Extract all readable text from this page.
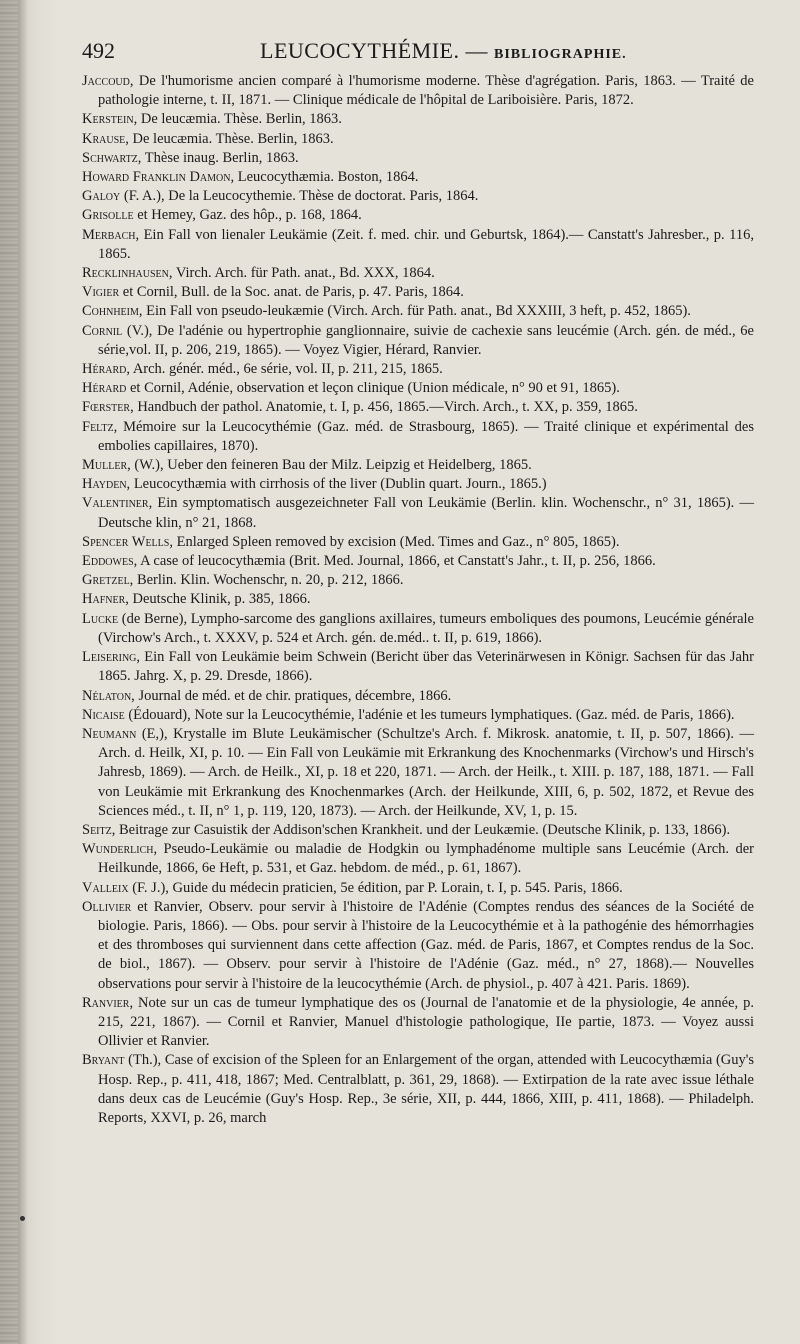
492	LEUCOCYTHÉMIE. — BIBLIOGRAPHIE.

Jaccoud, De l'humorisme ancien comparé à l'humorisme moderne. Thèse d'agrégation. Paris, 1863. — Traité de pathologie interne, t. II, 1871. — Clinique médicale de l'hôpital de Lariboisière. Paris, 1872.

Kerstein, De leucæmia. Thèse. Berlin, 1863.

Krause, De leucæmia. Thèse. Berlin, 1863.

Schwartz, Thèse inaug. Berlin, 1863.

Howard Franklin Damon, Leucocythæmia. Boston, 1864.

Galoy (F. A.), De la Leucocythemie. Thèse de doctorat. Paris, 1864.

Grisolle et Hemey, Gaz. des hôp., p. 168, 1864.

Merbach, Ein Fall von lienaler Leukämie (Zeit. f. med. chir. und Geburtsk, 1864).— Canstatt's Jahresber., p. 116, 1865.

Recklinhausen, Virch. Arch. für Path. anat., Bd. XXX, 1864.

Vigier et Cornil, Bull. de la Soc. anat. de Paris, p. 47. Paris, 1864.

Cohnheim, Ein Fall von pseudo-leukæmie (Virch. Arch. für Path. anat., Bd XXXIII, 3 heft, p. 452, 1865).

Cornil (V.), De l'adénie ou hypertrophie ganglionnaire, suivie de cachexie sans leucémie (Arch. gén. de méd., 6e série,vol. II, p. 206, 219, 1865). — Voyez Vigier, Hérard, Ranvier.

Hérard, Arch. génér. méd., 6e série, vol. II, p. 211, 215, 1865.

Hérard et Cornil, Adénie, observation et leçon clinique (Union médicale, n° 90 et 91, 1865).

Fœrster, Handbuch der pathol. Anatomie, t. I, p. 456, 1865.—Virch. Arch., t. XX, p. 359, 1865.

Feltz, Mémoire sur la Leucocythémie (Gaz. méd. de Strasbourg, 1865). — Traité clinique et expérimental des embolies capillaires, 1870).

Muller, (W.), Ueber den feineren Bau der Milz. Leipzig et Heidelberg, 1865.

Hayden, Leucocythæmia with cirrhosis of the liver (Dublin quart. Journ., 1865.)

Valentiner, Ein symptomatisch ausgezeichneter Fall von Leukämie (Berlin. klin. Wochenschr., n° 31, 1865). — Deutsche klin, n° 21, 1868.

Spencer Wells, Enlarged Spleen removed by excision (Med. Times and Gaz., n° 805, 1865).

Eddowes, A case of leucocythæmia (Brit. Med. Journal, 1866, et Canstatt's Jahr., t. II, p. 256, 1866.

Gretzel, Berlin. Klin. Wochenschr, n. 20, p. 212, 1866.

Hafner, Deutsche Klinik, p. 385, 1866.

Lucke (de Berne), Lympho-sarcome des ganglions axillaires, tumeurs emboliques des poumons, Leucémie générale (Virchow's Arch., t. XXXV, p. 524 et Arch. gén. de.méd.. t. II, p. 619, 1866).

Leisering, Ein Fall von Leukämie beim Schwein (Bericht über das Veterinärwesen in Königr. Sachsen für das Jahr 1865. Jahrg. X, p. 29. Dresde, 1866).

Nélaton, Journal de méd. et de chir. pratiques, décembre, 1866.

Nicaise (Édouard), Note sur la Leucocythémie, l'adénie et les tumeurs lymphatiques. (Gaz. méd. de Paris, 1866).

Neumann (E,), Krystalle im Blute Leukämischer (Schultze's Arch. f. Mikrosk. anatomie, t. II, p. 507, 1866). — Arch. d. Heilk, XI, p. 10. — Ein Fall von Leukämie mit Erkrankung des Knochenmarks (Virchow's und Hirsch's Jahresb, 1869). — Arch. de Heilk., XI, p. 18 et 220, 1871. — Arch. der Heilk., t. XIII. p. 187, 188, 1871. — Fall von Leukämie mit Erkrankung des Knochenmarkes (Arch. der Heilkunde, XIII, 6, p. 502, 1872, et Revue des Sciences méd., t. II, n° 1, p. 119, 120, 1873). — Arch. der Heilkunde, XV, 1, p. 15.

Seitz, Beitrage zur Casuistik der Addison'schen Krankheit. und der Leukæmie. (Deutsche Klinik, p. 133, 1866).

Wunderlich, Pseudo-Leukämie ou maladie de Hodgkin ou lymphadénome multiple sans Leucémie (Arch. der Heilkunde, 1866, 6e Heft, p. 531, et Gaz. hebdom. de méd., p. 61, 1867).

Valleix (F. J.), Guide du médecin praticien, 5e édition, par P. Lorain, t. I, p. 545. Paris, 1866.

Ollivier et Ranvier, Observ. pour servir à l'histoire de l'Adénie (Comptes rendus des séances de la Société de biologie. Paris, 1866). — Obs. pour servir à l'histoire de la Leucocythémie et à la pathogénie des hémorrhagies et des thromboses qui surviennent dans cette affection (Gaz. méd. de Paris, 1867, et Comptes rendus de la Soc. de biol., 1867). — Observ. pour servir à l'histoire de l'Adénie (Gaz. méd., n° 27, 1868).— Nouvelles observations pour servir à l'histoire de la leucocythémie (Arch. de physiol., p. 407 à 421. Paris. 1869).

Ranvier, Note sur un cas de tumeur lymphatique des os (Journal de l'anatomie et de la physiologie, 4e année, p. 215, 221, 1867). — Cornil et Ranvier, Manuel d'histologie pathologique, IIe partie, 1873. — Voyez aussi Ollivier et Ranvier.

Bryant (Th.), Case of excision of the Spleen for an Enlargement of the organ, attended with Leucocythæmia (Guy's Hosp. Rep., p. 411, 418, 1867; Med. Centralblatt, p. 361, 29, 1868). — Extirpation de la rate avec issue léthale dans deux cas de Leucémie (Guy's Hosp. Rep., 3e série, XII, p. 444, 1866, XIII, p. 411, 1868). — Philadelph. Reports, XXVI, p. 26, march
